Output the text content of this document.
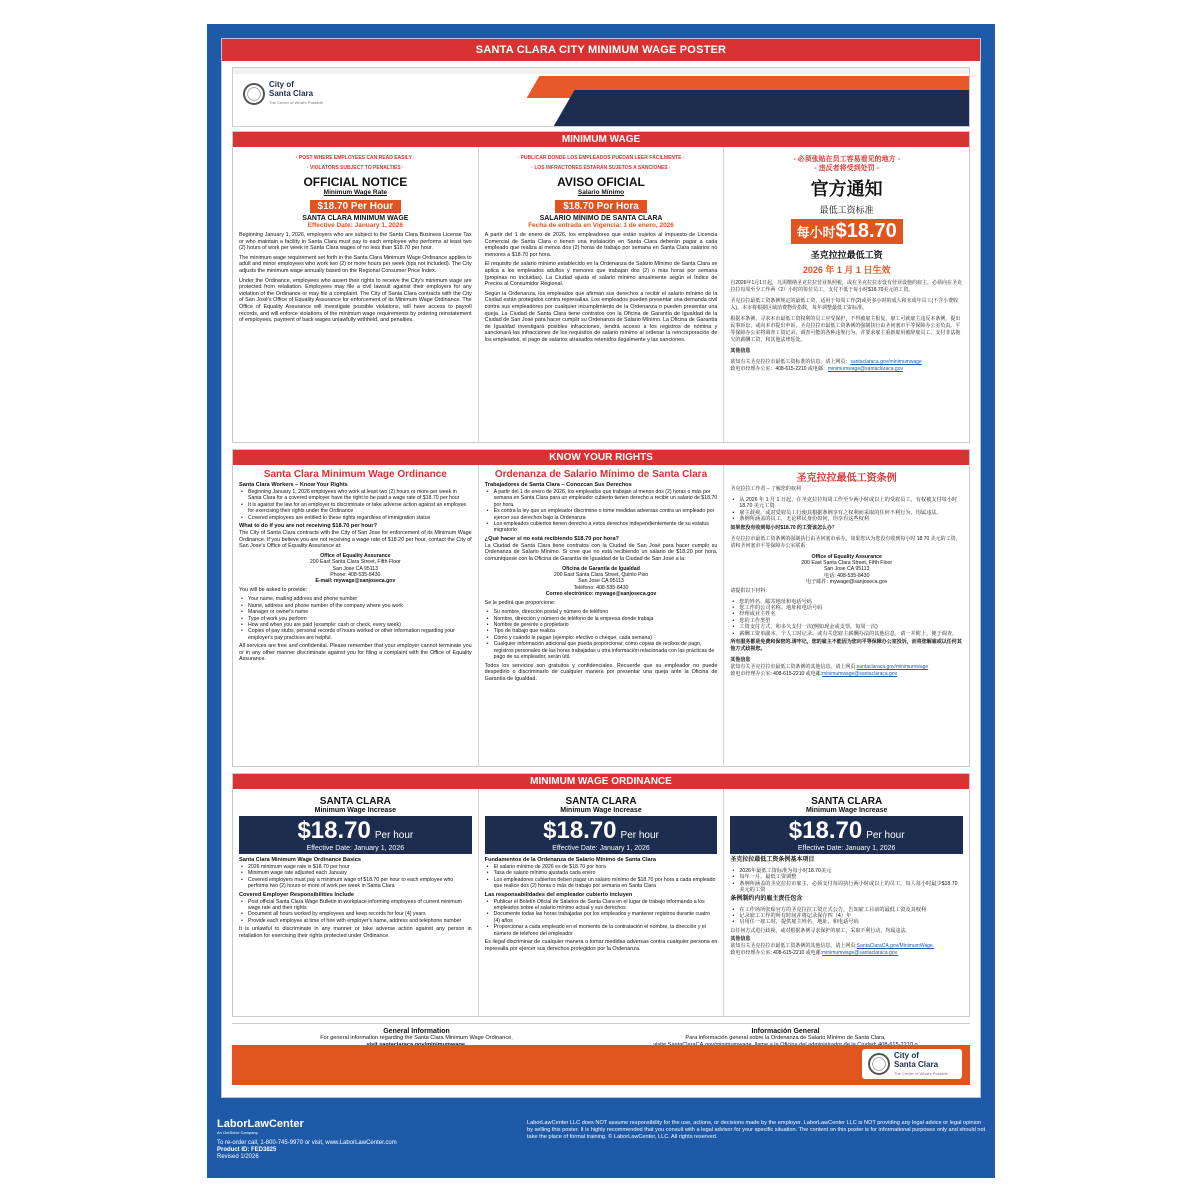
SANTA CLARA CITY MINIMUM WAGE POSTER
City of
Santa Clara
The Center of What's Possible
MINIMUM WAGE
· POST WHERE EMPLOYEES CAN READ EASILY ·
· VIOLATORS SUBJECT TO PENALTIES ·
OFFICIAL NOTICE
Minimum Wage Rate
$18.70 Per Hour
SANTA CLARA MINIMUM WAGE
Effective Date: January 1, 2026
Beginning January 1, 2026, employers who are subject to the Santa Clara Business License Tax or who maintain a facility in Santa Clara must pay to each employee who performs at least two (2) hours of work per week in Santa Clara wages of no less than $18.70 per hour.
The minimum wage requirement set forth in the Santa Clara Minimum Wage Ordinance applies to adult and minor employees who work two (2) or more hours per week (tips not included). The City adjusts the minimum wage annually based on the Regional Consumer Price Index.
Under the Ordinance, employees who assert their rights to receive the City's minimum wage are protected from retaliation. Employees may file a civil lawsuit against their employers for any violation of the Ordinance or may file a complaint. The City of Santa Clara contracts with the City of San José's Office of Equality Assurance for enforcement of its Minimum Wage Ordinance. The Office of Equality Assurance will investigate possible violations, will have access to payroll records, and will enforce violations of the minimum wage requirements by ordering reinstatement of employees, payment of back wages unlawfully withheld, and penalties.
· PUBLICAR DONDE LOS EMPLEADOS PUEDAN LEER FÁCILMENTE ·
· LOS INFRACTORES ESTARÁN SUJETOS A SANCIONES ·
AVISO OFICIAL
Salario Mínimo
$18.70 Por Hora
SALARIO MÍNIMO DE SANTA CLARA
Fecha de entrada en Vigencia: 1 de enero, 2026
A partir del 1 de enero de 2026, los empleadores que están sujetos al impuesto de Licencia Comercial de Santa Clara o tienen una instalación en Santa Clara deberán pagar a cada empleado que realiza al menos dos (2) horas de trabajo por semana en Santa Clara salarios no menores a $18.70 por hora.
El requisito de salario mínimo establecido en la Ordenanza de Salario Mínimo de Santa Clara se aplica a los empleados adultos y menores que trabajan dos (2) o más horas por semana (propinas no incluidas). La Ciudad ajusta el salario mínimo anualmente según el Índice de Precios al Consumidor Regional.
Según la Ordenanza, los empleados que afirman sus derechos a recibir el salario mínimo de la Ciudad están protegidos contra represalias. Los empleados pueden presentar una demanda civil contra sus empleadores por cualquier incumplimiento de la Ordenanza o pueden presentar una queja. La Ciudad de Santa Clara tiene contratos con la Oficina de Garantía de Igualdad de la Ciudad de San José para hacer cumplir su Ordenanza de Salario Mínimo. La Oficina de Garantía de Igualdad investigará posibles infracciones, tendrá acceso a los registros de nómina y sancionará las infracciones de los requisitos de salario mínimo al ordenar la reincorporación de los empleados, el pago de salarios atrasados retenidos ilegalmente y las sanciones.
- 必须张贴在员工容易看见的地方 -
- 违反者将受到处罚 -
官方通知
最低工资标准
每小时$18.70
圣克拉拉最低工资
2026 年 1 月 1 日生效
自2026年1月1日起，凡需缴纳圣克拉拉营业执照税，或在圣克拉拉市设有营业设施的雇主，必须向在圣克拉拉每周至少工作两（2）小时的每位员工，支付不低于每小时$18.70美元的工资。
圣克拉拉最低工资条例规定的最低工资，适用于每周工作(2)或更多小时的成人和未成年员工(不含小费收入)。本市将根据区域消费物价指数，每年调整最低工资标准。
根据本条例，寻求本市最低工资权利的员工应受保护，不得被雇主报复。雇工可就雇主违反本条例，提出民事诉讼，或向本市提出申诉。圣克拉拉市最低工资条例的强制执行由圣何塞市平等保障办公室负责。平等保障办公室将调查工资记录，调查可能的各种违规行为，并要求雇主重新雇用被辞雇员工，支付非法拖欠的薪酬工资，和其他法律惩处。
其他信息
欲知有关圣克拉拉市最低工资标准的信息，请上网页：santaclaraca.gov/minimumwage
致电市经理办公室：408-615-2210 或电邮：minimumwage@santaclaraca.gov
KNOW YOUR RIGHTS
Santa Clara Minimum Wage Ordinance
Santa Clara Workers – Know Your Rights
• Beginning January 1, 2026 employees who work at least two (2) hours or more per week in Santa Clara for a covered employer have the right to be paid a wage rate of $18.70 per hour
• It is against the law for an employer to discriminate or take adverse action against an employee for exercising their rights under the Ordinance
• Covered employees are entitled to these rights regardless of immigration status
What to do if you are not receiving $18.70 per hour?
The City of Santa Clara contracts with the City of San Jose for enforcement of its Minimum Wage Ordinance. If you believe you are not receiving a wage rate of $18.20 per hour, contact the City of San Jose's Office of Equality Assurance at:
Office of Equality Assurance
200 East Santa Clara Street, Fifth Floor
San Jose CA 95113
Phone: 408-535-8430
E-mail: mywage@sanjoseca.gov
You will be asked to provide:
• Your name, mailing address and phone number
• Name, address and phone number of the company where you work
• Manager or owner's name
• Type of work you perform
• How and when you are paid (example: cash or check, every week)
• Copies of pay stubs, personal records of hours worked or other information regarding your employer's pay practices are helpful.
All services are free and confidential. Please remember that your employer cannot terminate you or in any other manner discriminate against you for filing a complaint with the Office of Equality Assurance.
Ordenanza de Salario Mínimo de Santa Clara
Trabajadores de Santa Clara – Conozcan Sus Derechos
• A partir del 1 de enero de 2026, los empleados que trabajan al menos dos (2) horas o más por semana en Santa Clara para un empleador cubierto tienen derecho a recibir un salario de $18.70 por hora.
• Es contra la ley que un empleador discrimine o tome medidas adversas contra un empleado por ejercer sus derechos bajo la Ordenanza
• Los empleados cubiertos tienen derecho a estos derechos independientemente de su estatus migratorio
¿Qué hacer si no está recibiendo $18.70 por hora?
La Ciudad de Santa Clara tiene contratos con la Ciudad de San José para hacer cumplir su Ordenanza de Salario Mínimo. Si cree que no está recibiendo un salario de $18.20 por hora, comuníquese con la Oficina de Garantía de Igualdad de la Ciudad de San José a la:
Oficina de Garantía de Igualdad
200 East Santa Clara Street, Quinto Piso
San Jose CA 95113
Teléfono: 408-535-8430
Correo electrónico: mywage@sanjoseca.gov
Se le pedirá que proporcione:
• Su nombre, dirección postal y número de teléfono
• Nombre, dirección y número de teléfono de la empresa donde trabaja
• Nombre de gerente o propietario
• Tipo de trabajo que realiza
• Cómo y cuándo le pagan (ejemplo: efectivo o cheque, cada semana)
• Cualquier información adicional que pueda proporcionar, como copias de recibos de pago, registros personales de las horas trabajadas u otra información relacionada con las prácticas de pago de su empleador, serán útil.
Todos los servicios son gratuitos y confidenciales. Recuerde que su empleador no puede despedirlo o discriminarlo de cualquier manera por presentar una queja ante la Oficina de Garantía de Igualdad.
圣克拉拉最低工资条例
圣克拉拉工作者 – 了解您的权利
• 从 2026 年 1 月 1 日起，在圣克拉拉每周工作至少两小时或以上的受雇员工，有权被支付每小时 18.70 美元工资
• 雇主歧视，或对受雇员工行使其根据条例享有之权利而采取的任何不利行为，均属违法。
• 条例所涵盖的员工，无论移民身份如何，均享有这些权利
如果您没有收到每小时$18.70 的工资该怎么办？
圣克拉拉市最低工资条例的强制执行由圣何塞市承办。如果您认为您没有收到每小时 18.70 美元的工资，请和圣何塞市平等保障办公室联系:
Office of Equality Assurance
200 East Santa Clara Street, Fifth Floor
San Jose CA 95113
电话: 408-535-8430
电子邮件: mywage@sanjoseca.gov
请提供以下材料:
• 您的姓名、邮寄地址和电话号码
• 您工作的公司名称、地址和电话号码
• 经理或业主姓名
• 您的工作类型
• 工资支付方式、和多久支付一次(例如现金或支票，每周一次)
• 薪酬工资单副本、个人工时记录、或有关您雇主薪酬办法的其他信息，请一并附上，便于调查。
所有服务都是免费和保密的.请牢记，您的雇主不能因为您向平等保障办公室投诉，而将您解雇或以任何其他方式歧视您。
其他信息
欲知有关圣克拉拉市最低工资条例的其他信息，请上网页:santaclaraca.gov/minimumwage
致电市经理办公室: 408-615-2210 或电邮:minimumwage@santaclaraca.gov
MINIMUM WAGE ORDINANCE
SANTA CLARA
Minimum Wage Increase
$18.70 Per hour
Effective Date: January 1, 2026
Santa Clara Minimum Wage Ordinance Basics
• 2026 minimum wage rate is $18.70 per hour
• Minimum wage rate adjusted each January
• Covered employers must pay a minimum wage of $18.70 per hour to each employee who performs two (2) hours or more of work per week in Santa Clara
Covered Employer Responsibilities Include
• Post official Santa Clara Wage Bulletin in workplace informing employees of current minimum wage rate and their rights
• Document all hours worked by employees and keep records for four (4) years
• Provide each employee at time of hire with employer's name, address and telephone number
It is unlawful to discriminate in any manner or take adverse action against any person in retaliation for exercising their rights protected under Ordinance.
SANTA CLARA
Minimum Wage Increase
$18.70 Per hour
Effective Date: January 1, 2026
Fundamentos de la Ordenanza de Salario Mínimo de Santa Clara
• El salario mínimo de 2026 es de $18.70 por hora
• Tasa de salario mínimo ajustada cada enero
• Los empleadores cubiertos deben pagar un salario mínimo de $18.70 por hora a cada empleado que realice dos (2) horas o más de trabajo por semana en Santa Clara
Las responsabilidades del empleador cubierto incluyen
• Publicar el Boletín Oficial de Salarios de Santa Clara en el lugar de trabajo informando a los empleados sobre el salario mínimo actual y sus derechos
• Documente todas las horas trabajadas por los empleados y mantener registros durante cuatro (4) años
• Proporcionar a cada empleado en el momento de la contratación el nombre, la dirección y el número de teléfono del empleador
Es ilegal discriminar de cualquier manera o tomar medidas adversas contra cualquier persona en represalia por ejercer sus derechos protegidos por la Ordenanza.
SANTA CLARA
Minimum Wage Increase
$18.70 Per hour
Effective Date: January 1, 2026
圣克拉拉最低工资条例基本项目
• 2026年最低工资标准为每小时18.70美元
• 每年一月，最低工资调整
• 条例所涵盖的圣克拉拉市雇主，必须支付每周执行两小时或以上的员工，每人每小时最少$18.70 美元的工资
条例制约内的雇主责任包含
• 在工作场所张贴官方的圣克拉拉工资正式公告，告知雇工目前的最低工资及其权利
• 记录雇工工作的所有时间并将记录保存四（4）年
• 启用任一雇工时，提供雇主姓名、地址、和电话号码
以任何方式进行歧视，或对根据条例寻求保护的雇工，采取不利行动，均属违法。
其他信息
欲知有关圣克拉拉市最低工资条例的其他信息，请上网页:SantaClaraCA.gov/MinimumWage.
致电市经理办公室: 408-615-2210 或电邮:minimumwage@santaclaraca.gov.
General Information
For general information regarding the Santa Clara Minimum Wage Ordinance,
Información General
Para información general sobre la Ordenanza de Salario Mínimo de Santa Clara,
City of
Santa Clara
The Center of What's Possible
LaborLawCenter
An OutSolve Company
To re-order call, 1-800-745-9970 or visit, www.LaborLawCenter.com
Product ID: FED3825
Revised 1/2026
LaborLawCenter LLC does NOT assume responsibility for the use, actions, or decisions made by the employer. LaborLawCenter LLC is NOT providing any legal advice or legal opinion by selling this poster. It is highly recommended that you consult with a legal advisor for your specific situation. The content on this poster is for informational purposes only and should not take the place of formal training. © LaborLawCenter, LLC. All rights reserved.
